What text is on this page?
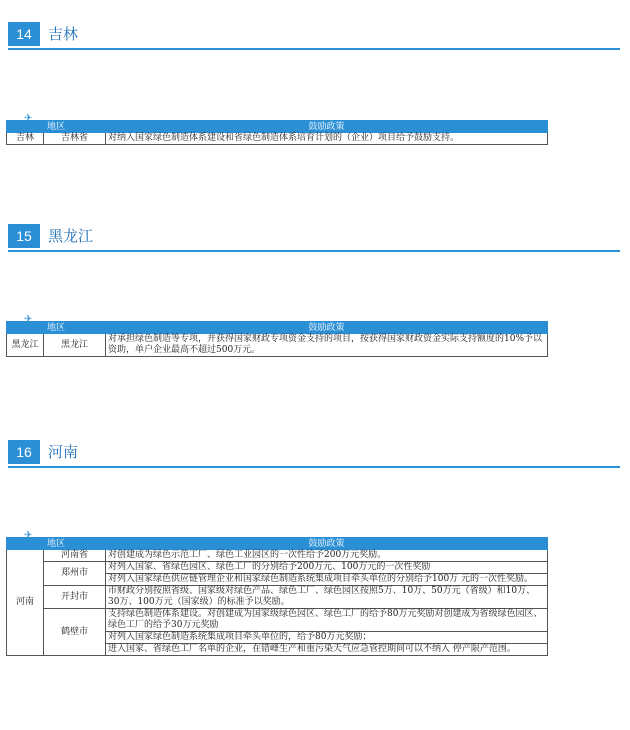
14	吉林
地区		✈
鼓励政策
吉林	吉林省	对纳入国家绿色制造体系建设和省绿色制造体系培育计划的（企业）项目给予鼓励支持。
15	黑龙江
地区		✈
鼓励政策
黑龙江	黑龙江	对承担绿色制造等专项，并获得国家财政专项资金支持的项目，按获得国家财政资金实际支持额度的10%予以资助，单户企业最高不超过500万元。
16	河南
地区		✈
鼓励政策
河南	河南省	对创建成为绿色示范工厂、绿色工业园区的一次性给予200万元奖励。
	郑州市	对列入国家、省绿色园区、绿色工厂的分别给予200万元、100万元的一次性奖励
		对列入国家绿色供应链管理企业和国家绿色制造系统集成项目牵头单位的分别给予100万 元的一次性奖励。
	开封市	市财政分别按照省级、国家级对绿色产品、绿色工厂、绿色园区按照5万、10万、50万元（省级）和10万、30万、100万元（国家级）的标准予以奖励。
	鹤壁市	支持绿色制造体系建设。对创建成为国家级绿色园区、绿色工厂的给予80万元奖励对创建成为省级绿色园区、绿色工厂的给予30万元奖励
		对列入国家绿色制造系统集成项目牵头单位的，给予80万元奖励；
		进入国家、省绿色工厂名单的企业，在错峰生产和重污染天气应急管控期间可以不纳入 停产限产范围。
